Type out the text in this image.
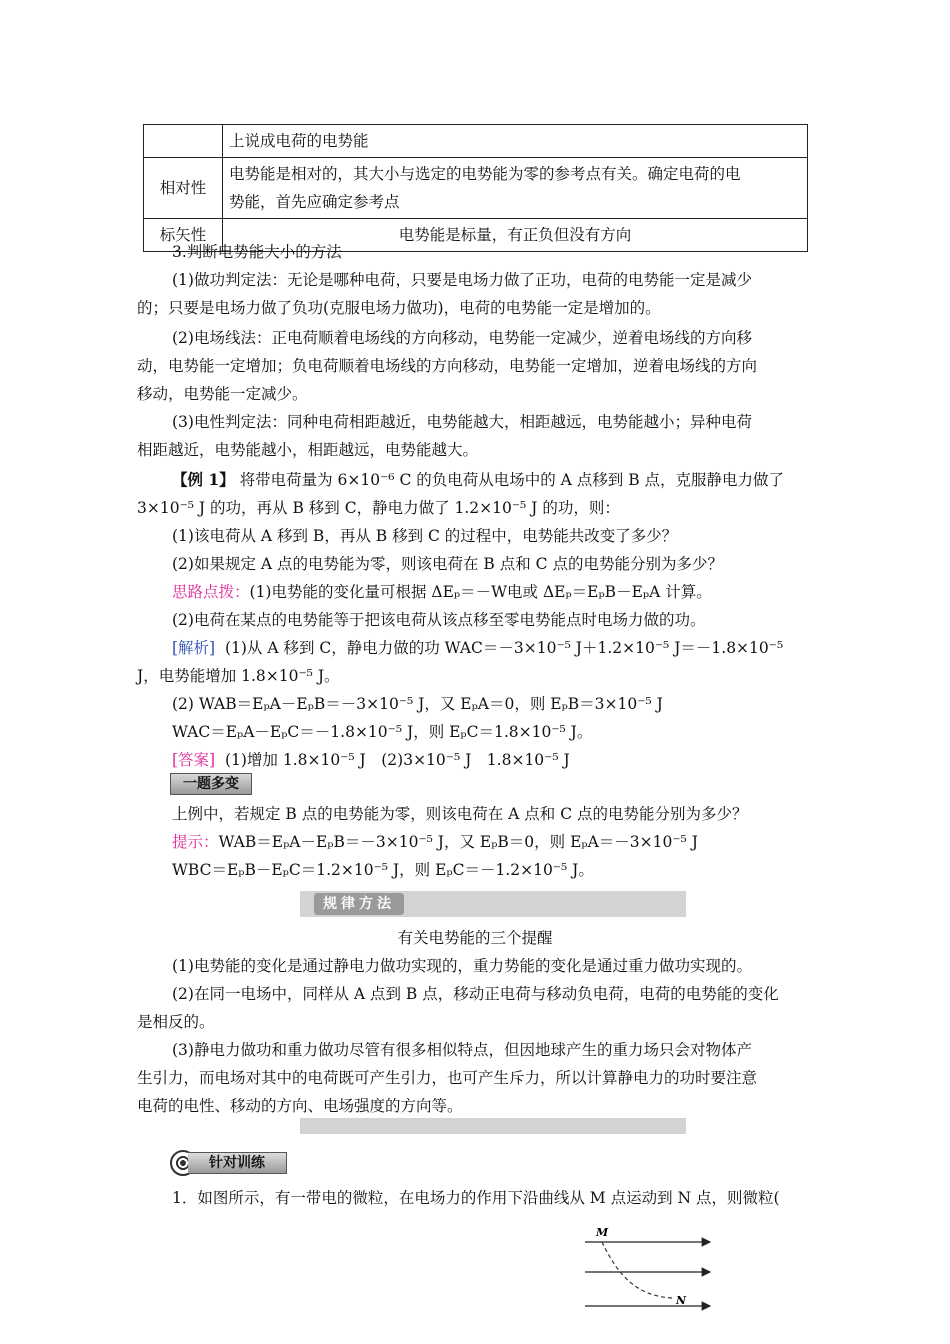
	上说成电荷的电势能
相对性	电势能是相对的，其大小与选定的电势能为零的参考点有关。确定电荷的电
势能，首先应确定参考点

标矢性	电势能是标量，有正负但没有方向
3.判断电势能大小的方法
(1)做功判定法：无论是哪种电荷，只要是电场力做了正功，电荷的电势能一定是减少
的；只要是电场力做了负功(克服电场力做功)，电荷的电势能一定是增加的。
(2)电场线法：正电荷顺着电场线的方向移动，电势能一定减少，逆着电场线的方向移
动，电势能一定增加；负电荷顺着电场线的方向移动，电势能一定增加，逆着电场线的方向
移动，电势能一定减少。
(3)电性判定法：同种电荷相距越近，电势能越大，相距越远，电势能越小；异种电荷
相距越近，电势能越小，相距越远，电势能越大。
【例 1】 将带电荷量为 6×10⁻⁶ C 的负电荷从电场中的 A 点移到 B 点，克服静电力做了
3×10⁻⁵ J 的功，再从 B 移到 C，静电力做了 1.2×10⁻⁵ J 的功，则：
(1)该电荷从 A 移到 B，再从 B 移到 C 的过程中，电势能共改变了多少？
(2)如果规定 A 点的电势能为零，则该电荷在 B 点和 C 点的电势能分别为多少？
思路点拨：(1)电势能的变化量可根据 ΔEₚ＝－W电或 ΔEₚ＝EₚB－EₚA 计算。
(2)电荷在某点的电势能等于把该电荷从该点移至零电势能点时电场力做的功。
[解析] (1)从 A 移到 C，静电力做的功 WAC＝－3×10⁻⁵ J＋1.2×10⁻⁵ J＝－1.8×10⁻⁵
J，电势能增加 1.8×10⁻⁵ J。
(2) WAB＝EₚA－EₚB＝－3×10⁻⁵ J，又 EₚA＝0，则 EₚB＝3×10⁻⁵ J
WAC＝EₚA－EₚC＝－1.8×10⁻⁵ J，则 EₚC＝1.8×10⁻⁵ J。
[答案] (1)增加 1.8×10⁻⁵ J　(2)3×10⁻⁵ J　1.8×10⁻⁵ J
一题多变
上例中，若规定 B 点的电势能为零，则该电荷在 A 点和 C 点的电势能分别为多少？
提示：WAB＝EₚA－EₚB＝－3×10⁻⁵ J，又 EₚB＝0，则 EₚA＝－3×10⁻⁵ J
WBC＝EₚB－EₚC＝1.2×10⁻⁵ J，则 EₚC＝－1.2×10⁻⁵ J。
规律方法
有关电势能的三个提醒
(1)电势能的变化是通过静电力做功实现的，重力势能的变化是通过重力做功实现的。
(2)在同一电场中，同样从 A 点到 B 点，移动正电荷与移动负电荷，电荷的电势能的变化
是相反的。
(3)静电力做功和重力做功尽管有很多相似特点，但因地球产生的重力场只会对物体产
生引力，而电场对其中的电荷既可产生引力，也可产生斥力，所以计算静电力的功时要注意
电荷的电性、移动的方向、电场强度的方向等。
针对训练
1．如图所示，有一带电的微粒，在电场力的作用下沿曲线从 M 点运动到 N 点，则微粒(
M
N
